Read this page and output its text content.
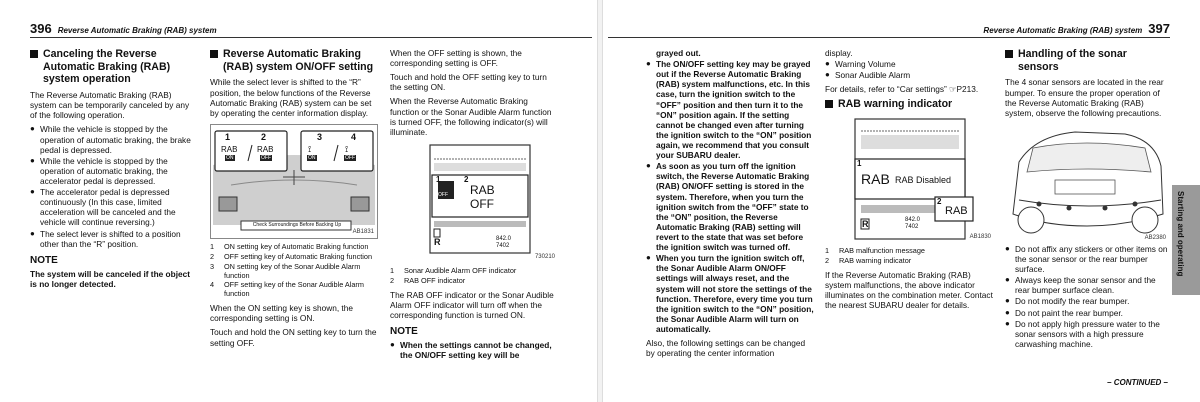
396 Reverse Automatic Braking (RAB) system	Reverse Automatic Braking (RAB) system 397
Canceling the Reverse Automatic Braking (RAB) system operation

The Reverse Automatic Braking (RAB) system can be temporarily canceled by any of the following operation.

● While the vehicle is stopped by the operation of automatic braking, the brake pedal is depressed.
● While the vehicle is stopped by the operation of automatic braking, the accelerator pedal is depressed.
● The accelerator pedal is depressed continuously (In this case, limited acceleration will be canceled and the vehicle will continue reversing.)
● The select lever is shifted to a position other than the “R” position.
NOTE

The system will be canceled if the object is no longer detected.

Reverse Automatic Braking (RAB) system ON/OFF setting

While the select lever is shifted to the “R” position, the below functions of the Reverse Automatic Braking (RAB) system can be set by operating the center information display.

1	2	3	4
RAB
ON
RAB
OFF
⟟
ON
⟟
OFF
Check Surroundings Before Backing Up
AB1831
1	ON setting key of Automatic Braking function
2	OFF setting key of Automatic Braking function
3	ON setting key of the Sonar Audible Alarm function
4	OFF setting key of the Sonar Audible Alarm function

When the ON setting key is shown, the corresponding setting is ON.

Touch and hold the ON setting key to turn the setting OFF.

When the OFF setting is shown, the corresponding setting is OFF.

Touch and hold the OFF setting key to turn the setting ON.

When the Reverse Automatic Braking function or the Sonar Audible Alarm function is turned OFF, the following indicator(s) will illuminate.

1	2
OFF RAB
OFF
R	842.0
7402
730210
1	Sonar Audible Alarm OFF indicator
2	RAB OFF indicator

The RAB OFF indicator or the Sonar Audible Alarm OFF indicator will turn off when the corresponding function is turned ON.

NOTE
● When the settings cannot be changed, the ON/OFF setting key will be

grayed out.

● The ON/OFF setting key may be grayed out if the Reverse Automatic Braking (RAB) system malfunctions, etc. In this case, turn the ignition switch to the “OFF” position and then turn it to the “ON” position again. If the setting cannot be changed even after turning the ignition switch to the “ON” position again, we recommend that you consult your SUBARU dealer.
● As soon as you turn off the ignition switch, the Reverse Automatic Braking (RAB) ON/OFF setting is stored in the system. Therefore, when you turn the ignition switch from the “OFF” state to the “ON” position, the Reverse Automatic Braking (RAB) setting will revert to the state that was set before the ignition switch was turned off.
● When you turn the ignition switch off, the Sonar Audible Alarm ON/OFF settings will always reset, and the system will not store the settings of the function. Therefore, every time you turn the ignition switch to the “ON” position, the Sonar Audible Alarm will turn on automatically.

Also, the following settings can be changed by operating the center information

display.

● Warning Volume
● Sonar Audible Alarm

For details, refer to “Car settings” ☞P213.

RAB warning indicator
1
RAB RAB Disabled
2
RAB
R	842.0
7402
AB1830
1	RAB malfunction message
2	RAB warning indicator

If the Reverse Automatic Braking (RAB) system malfunctions, the above indicator illuminates on the combination meter. Contact the nearest SUBARU dealer for details.

Handling of the sonar sensors

The 4 sonar sensors are located in the rear bumper. To ensure the proper operation of the Reverse Automatic Braking (RAB) system, observe the following precautions.

AB2380
● Do not affix any stickers or other items on the sonar sensor or the rear bumper surface.
● Always keep the sonar sensor and the rear bumper surface clean.
● Do not modify the rear bumper.
● Do not paint the rear bumper.
● Do not apply high pressure water to the sonar sensors with a high pressure carwashing machine.
Starting and operating
– CONTINUED –
